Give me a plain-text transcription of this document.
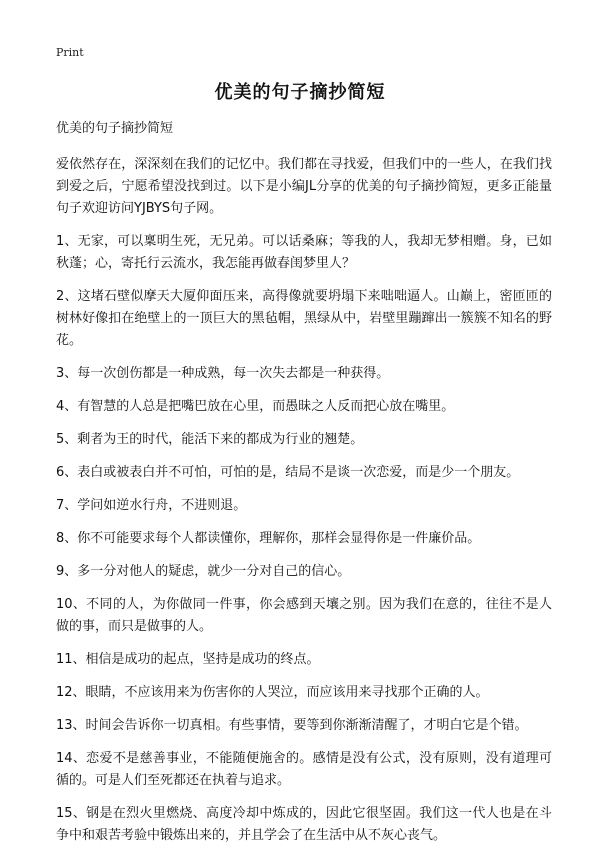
Print
优美的句子摘抄简短

优美的句子摘抄简短

爱依然存在，深深刻在我们的记忆中。我们都在寻找爱，但我们中的一些人，在我们找到爱之后，宁愿希望没找到过。以下是小编JL分享的优美的句子摘抄简短，更多正能量句子欢迎访问YJBYS句子网。

1、无家，可以稟明生死，无兄弟。可以话桑麻；等我的人，我却无梦相赠。身，已如秋蓬；心，寄托行云流水，我怎能再做春闺梦里人？

2、这堵石壁似摩天大厦仰面压来，高得像就要坍塌下来咄咄逼人。山巅上，密匝匝的树林好像扣在绝壁上的一顶巨大的黑毡帽，黑绿从中，岩壁里蹦蹿出一簇簇不知名的野花。

3、每一次创伤都是一种成熟，每一次失去都是一种获得。

4、有智慧的人总是把嘴巴放在心里，而愚昧之人反而把心放在嘴里。

5、剩者为王的时代，能活下来的都成为行业的翘楚。

6、表白或被表白并不可怕，可怕的是，结局不是谈一次恋爱，而是少一个朋友。

7、学问如逆水行舟，不进则退。

8、你不可能要求每个人都读懂你，理解你，那样会显得你是一件廉价品。

9、多一分对他人的疑虑，就少一分对自己的信心。

10、不同的人，为你做同一件事，你会感到天壤之别。因为我们在意的，往往不是人做的事，而只是做事的人。

11、相信是成功的起点，坚持是成功的终点。

12、眼睛，不应该用来为伤害你的人哭泣，而应该用来寻找那个正确的人。

13、时间会告诉你一切真相。有些事情，要等到你渐渐清醒了，才明白它是个错。

14、恋爱不是慈善事业，不能随便施舍的。感情是没有公式，没有原则，没有道理可循的。可是人们至死都还在执着与追求。

15、钢是在烈火里燃烧、高度冷却中炼成的，因此它很坚固。我们这一代人也是在斗争中和艰苦考验中锻炼出来的，并且学会了在生活中从不灰心丧气。
